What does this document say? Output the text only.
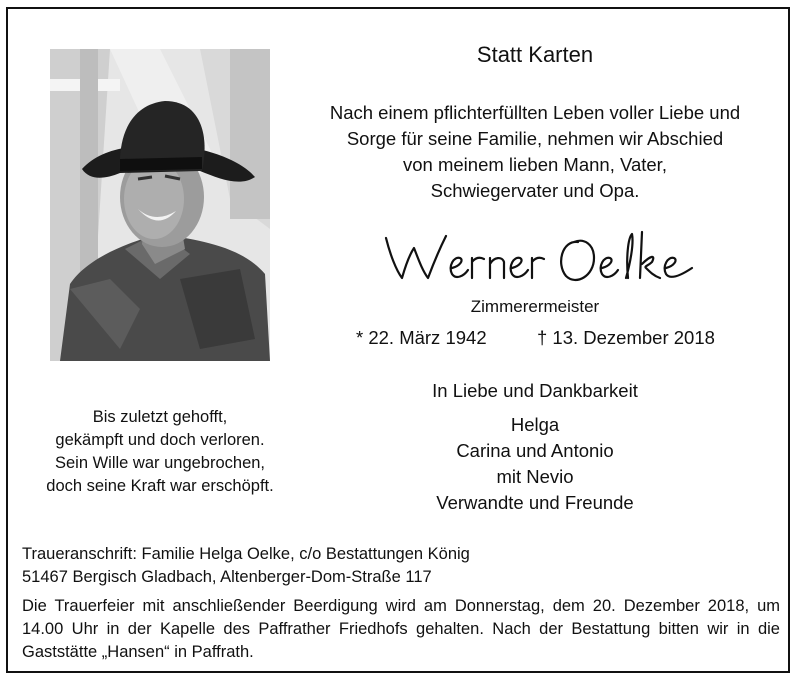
Statt Karten
Nach einem pflichterfüllten Leben voller Liebe und
Sorge für seine Familie, nehmen wir Abschied
von meinem lieben Mann, Vater,
Schwiegervater und Opa.
Zimmerermeister
* 22. März 1942	† 13. Dezember 2018
In Liebe und Dankbarkeit
Helga
Carina und Antonio
mit Nevio
Verwandte und Freunde
Bis zuletzt gehofft,
gekämpft und doch verloren.
Sein Wille war ungebrochen,
doch seine Kraft war erschöpft.
Traueranschrift: Familie Helga Oelke, c/o Bestattungen König
51467 Bergisch Gladbach, Altenberger-Dom-Straße 117
Die Trauerfeier mit anschließender Beerdigung wird am Donnerstag, dem 20. Dezember 2018, um 14.00 Uhr in der Kapelle des Paffrather Friedhofs gehalten. Nach der Bestattung bitten wir in die Gaststätte „Hansen“ in Paffrath.
